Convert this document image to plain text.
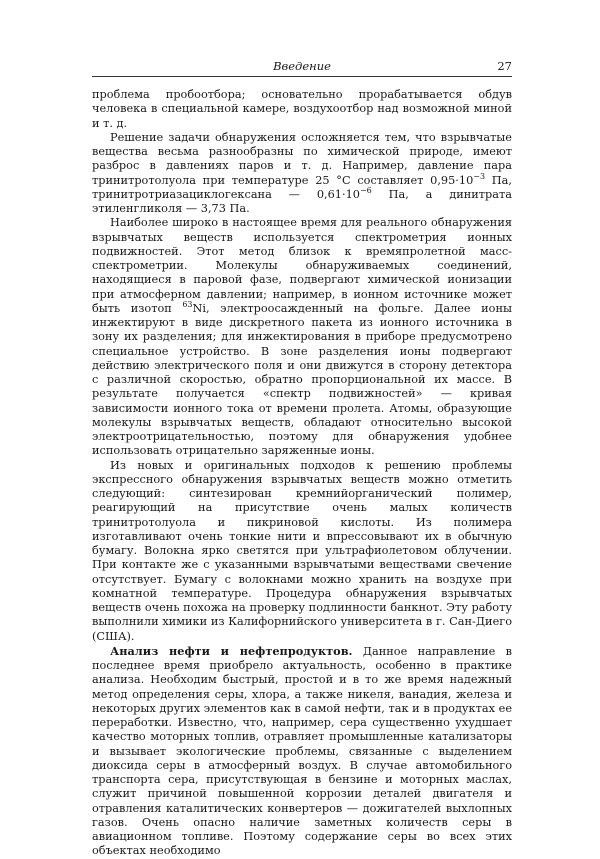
Введение	27

проблема пробоотбора; основательно прорабатывается обдув человека в специальной камере, воздухоотбор над возможной миной и т. д.

Решение задачи обнаружения осложняется тем, что взрывчатые вещества весьма разнообразны по химической природе, имеют разброс в давлениях паров и т. д. Например, давление пара тринитротолуола при температуре 25 °C составляет $0,95\cdot 10^{-3}$ Па, тринитротриазациклогексана — $0,61\cdot 10^{-6}$ Па, а динитрата этиленгликоля — 3,73 Па.

Наиболее широко в настоящее время для реального обнаружения взрывчатых веществ используется спектрометрия ионных подвижностей. Этот метод близок к времяпролетной масс-спектрометрии. Молекулы обнаруживаемых соединений, находящиеся в паровой фазе, подвергают химической ионизации при атмосферном давлении; например, в ионном источнике может быть изотоп $^{63}$Ni, электроосажденный на фольге. Далее ионы инжектируют в виде дискретного пакета из ионного источника в зону их разделения; для инжектирования в приборе предусмотрено специальное устройство. В зоне разделения ионы подвергают действию электрического поля и они движутся в сторону детектора с различной скоростью, обратно пропорциональной их массе. В результате получается «спектр подвижностей» — кривая зависимости ионного тока от времени пролета. Атомы, образующие молекулы взрывчатых веществ, обладают относительно высокой электроотрицательностью, поэтому для обнаружения удобнее использовать отрицательно заряженные ионы.

Из новых и оригинальных подходов к решению проблемы экспрессного обнаружения взрывчатых веществ можно отметить следующий: синтезирован кремнийорганический полимер, реагирующий на присутствие очень малых количеств тринитротолуола и пикриновой кислоты. Из полимера изготавливают очень тонкие нити и впрессовывают их в обычную бумагу. Волокна ярко светятся при ультрафиолетовом облучении. При контакте же с указанными взрывчатыми веществами свечение отсутствует. Бумагу с волокнами можно хранить на воздухе при комнатной температуре. Процедура обнаружения взрывчатых веществ очень похожа на проверку подлинности банкнот. Эту работу выполнили химики из Калифорнийского университета в г. Сан-Диего (США).

Анализ нефти и нефтепродуктов. Данное направление в последнее время приобрело актуальность, особенно в практике анализа. Необходим быстрый, простой и в то же время надежный метод определения серы, хлора, а также никеля, ванадия, железа и некоторых других элементов как в самой нефти, так и в продуктах ее переработки. Известно, что, например, сера существенно ухудшает качество моторных топлив, отравляет промышленные катализаторы и вызывает экологические проблемы, связанные с выделением диоксида серы в атмосферный воздух. В случае автомобильного транспорта сера, присутствующая в бензине и моторных маслах, служит причиной повышенной коррозии деталей двигателя и отравления каталитических конвертеров — дожигателей выхлопных газов. Очень опасно наличие заметных количеств серы в авиационном топливе. Поэтому содержание серы во всех этих объектах необходимо
